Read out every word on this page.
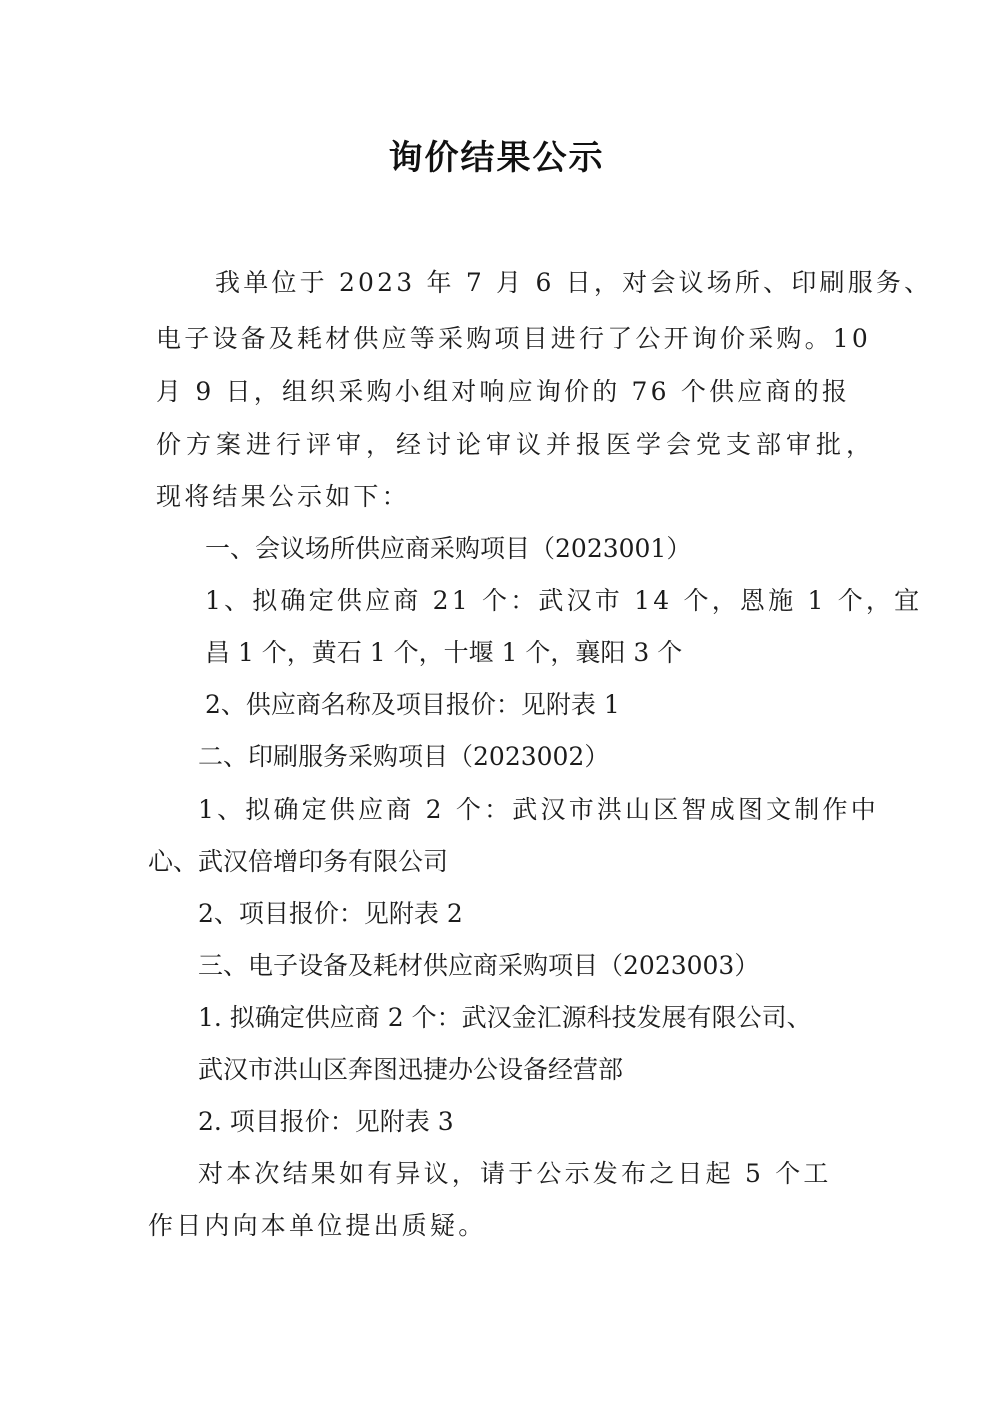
询价结果公示
我单位于 2023 年 7 月 6 日，对会议场所、印刷服务、
电子设备及耗材供应等采购项目进行了公开询价采购。10
月 9 日，组织采购小组对响应询价的 76 个供应商的报
价方案进行评审，经讨论审议并报医学会党支部审批，
现将结果公示如下：
一、会议场所供应商采购项目（2023001）
1、拟确定供应商 21 个：武汉市 14 个，恩施 1 个，宜
昌 1 个，黄石 1 个，十堰 1 个，襄阳 3 个
2、供应商名称及项目报价：见附表 1
二、印刷服务采购项目（2023002）
1、拟确定供应商 2 个：武汉市洪山区智成图文制作中
心、武汉倍增印务有限公司
2、项目报价：见附表 2
三、电子设备及耗材供应商采购项目（2023003）
1. 拟确定供应商 2 个：武汉金汇源科技发展有限公司、
武汉市洪山区奔图迅捷办公设备经营部
2. 项目报价：见附表 3
对本次结果如有异议，请于公示发布之日起 5 个工
作日内向本单位提出质疑。
